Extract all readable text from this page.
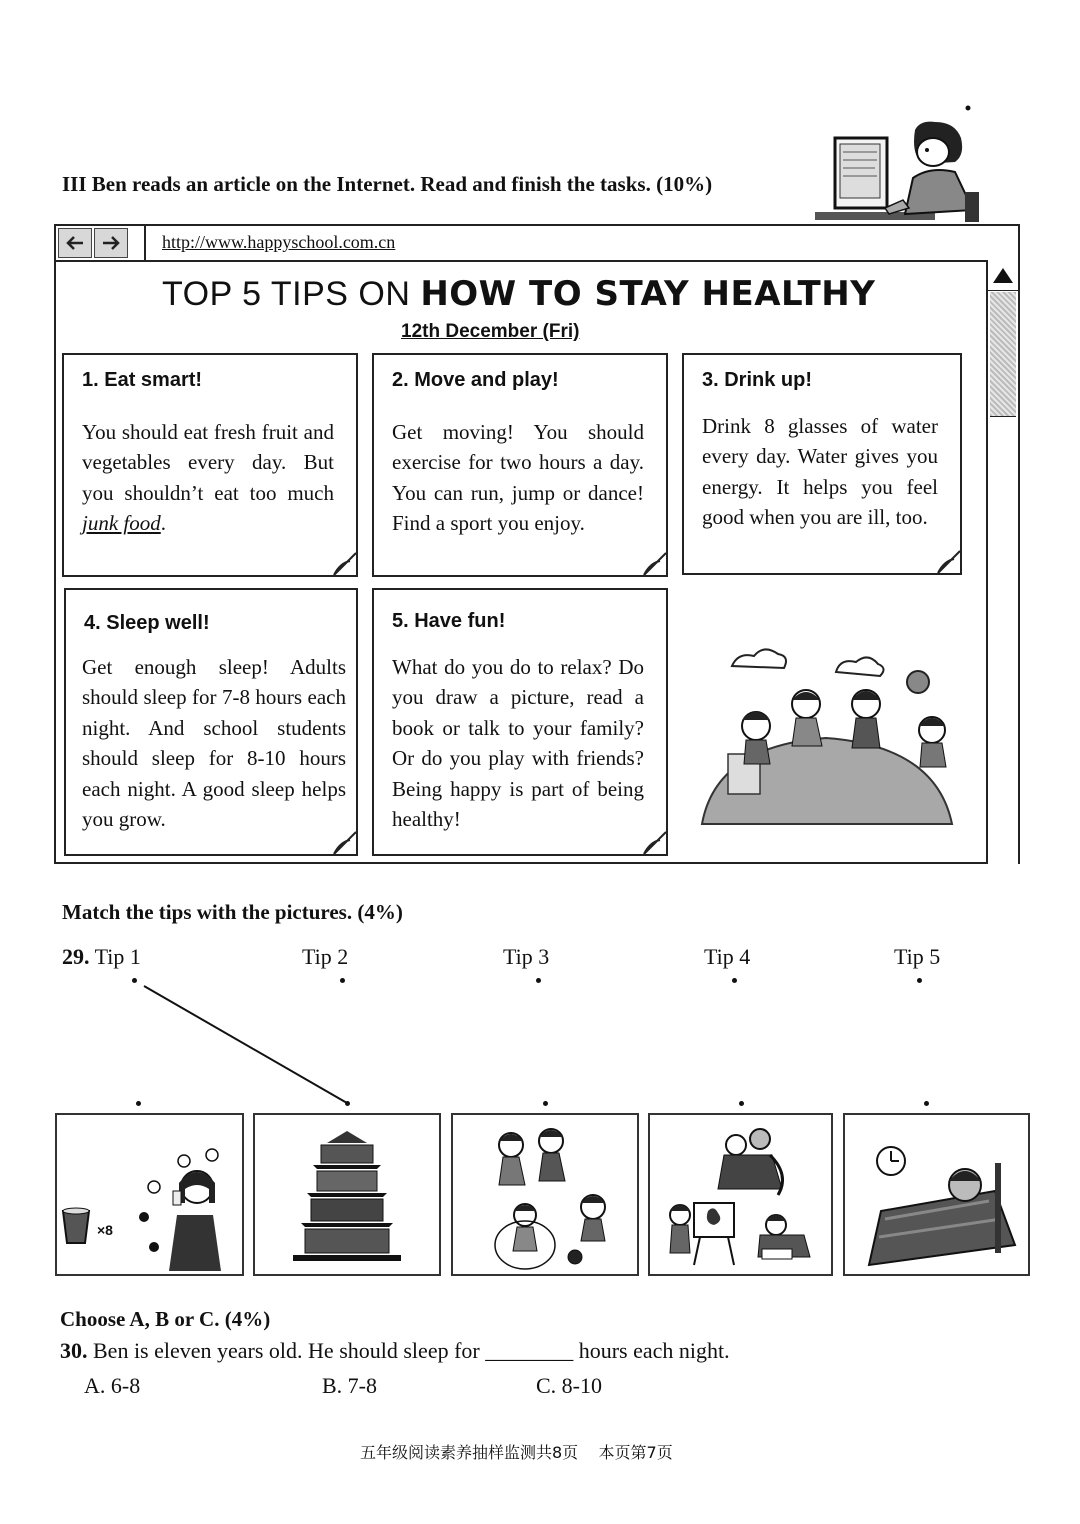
III Ben reads an article on the Internet. Read and finish the tasks. (10%)
http://www.happyschool.com.cn
TOP 5 TIPS ON HOW TO STAY HEALTHY
12th December (Fri)
1. Eat smart!
You should eat fresh fruit and vegetables every day. But you shouldn’t eat too much junk food.
2. Move and play!
Get moving! You should exercise for two hours a day. You can run, jump or dance! Find a sport you enjoy.
3. Drink up!
Drink 8 glasses of water every day. Water gives you energy. It helps you feel good when you are ill, too.
4. Sleep well!
Get enough sleep! Adults should sleep for 7-8 hours each night. And school students should sleep for 8-10 hours each night. A good sleep helps you grow.
5. Have fun!
What do you do to relax? Do you draw a picture, read a book or talk to your family? Or do you play with friends? Being happy is part of being healthy!
Match the tips with the pictures. (4%)
29. Tip 1	Tip 2	Tip 3	Tip 4	Tip 5
×8
Choose A, B or C. (4%)
30. Ben is eleven years old. He should sleep for ________ hours each night.
A. 6-8	B. 7-8	C. 8-10
五年级阅读素养抽样监测共8页    本页第7页
